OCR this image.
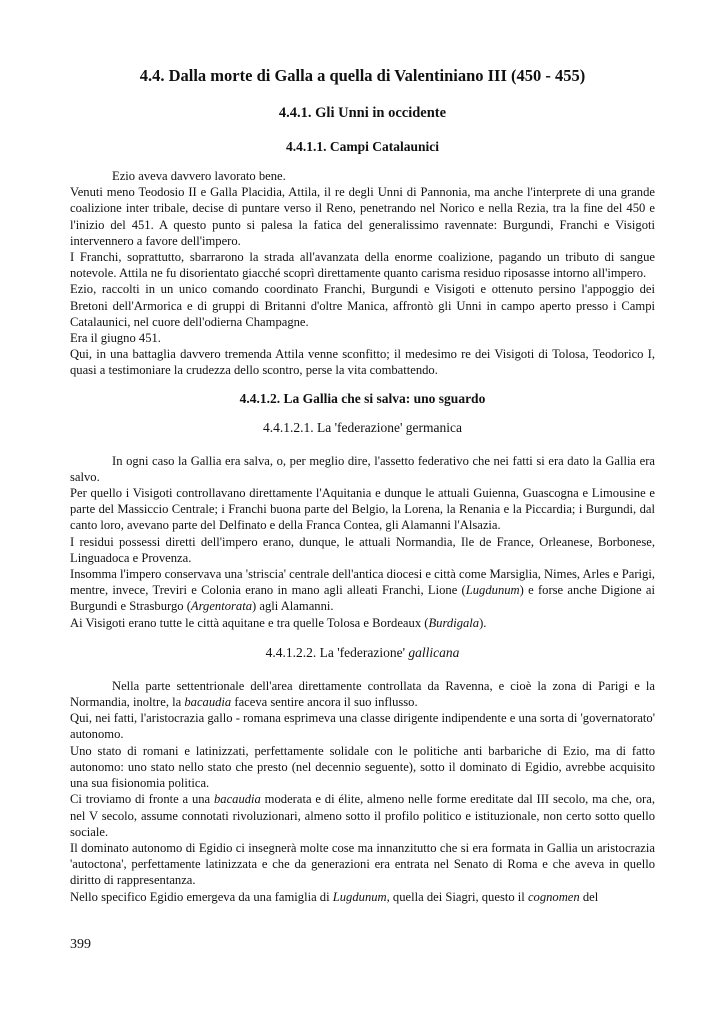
4.4. Dalla morte di Galla a quella di Valentiniano III (450 - 455)
4.4.1. Gli Unni in occidente
4.4.1.1. Campi Catalaunici

Ezio aveva davvero lavorato bene.

Venuti meno Teodosio II e Galla Placidia, Attila, il re degli Unni di Pannonia, ma anche l'interprete di una grande coalizione inter tribale, decise di puntare verso il Reno, penetrando nel Norico e nella Rezia, tra la fine del 450 e l'inizio del 451. A questo punto si palesa la fatica del generalissimo ravennate: Burgundi, Franchi e Visigoti intervennero a favore dell'impero.

I Franchi, soprattutto, sbarrarono la strada all'avanzata della enorme coalizione, pagando un tributo di sangue notevole. Attila ne fu disorientato giacché scoprì direttamente quanto carisma residuo riposasse intorno all'impero.

Ezio, raccolti in un unico comando coordinato Franchi, Burgundi e Visigoti e ottenuto persino l'appoggio dei Bretoni dell'Armorica e di gruppi di Britanni d'oltre Manica, affrontò gli Unni in campo aperto presso i Campi Catalaunici, nel cuore dell'odierna Champagne.

Era il giugno 451.

Qui, in una battaglia davvero tremenda Attila venne sconfitto; il medesimo re dei Visigoti di Tolosa, Teodorico I, quasi a testimoniare la crudezza dello scontro, perse la vita combattendo.

4.4.1.2. La Gallia che si salva: uno sguardo
4.4.1.2.1. La 'federazione' germanica

In ogni caso la Gallia era salva, o, per meglio dire, l'assetto federativo che nei fatti si era dato la Gallia era salvo.

Per quello i Visigoti controllavano direttamente l'Aquitania e dunque le attuali Guienna, Guascogna e Limousine e parte del Massiccio Centrale; i Franchi buona parte del Belgio, la Lorena, la Renania e la Piccardia; i Burgundi, dal canto loro, avevano parte del Delfinato e della Franca Contea, gli Alamanni l'Alsazia.

I residui possessi diretti dell'impero erano, dunque, le attuali Normandia, Ile de France, Orleanese, Borbonese, Linguadoca e Provenza.

Insomma l'impero conservava una 'striscia' centrale dell'antica diocesi e città come Marsiglia, Nimes, Arles e Parigi, mentre, invece, Treviri e Colonia erano in mano agli alleati Franchi, Lione (Lugdunum) e forse anche Digione ai Burgundi e Strasburgo (Argentorata) agli Alamanni.

Ai Visigoti erano tutte le città aquitane e tra quelle Tolosa e Bordeaux (Burdigala).

4.4.1.2.2. La 'federazione' gallicana

Nella parte settentrionale dell'area direttamente controllata da Ravenna, e cioè la zona di Parigi e la Normandia, inoltre, la bacaudia faceva sentire ancora il suo influsso.

Qui, nei fatti, l'aristocrazia gallo - romana esprimeva una classe dirigente indipendente e una sorta di 'governatorato' autonomo.

Uno stato di romani e latinizzati, perfettamente solidale con le politiche anti barbariche di Ezio, ma di fatto autonomo: uno stato nello stato che presto (nel decennio seguente), sotto il dominato di Egidio, avrebbe acquisito una sua fisionomia politica.

Ci troviamo di fronte a una bacaudia moderata e di élite, almeno nelle forme ereditate dal III secolo, ma che, ora, nel V secolo, assume connotati rivoluzionari, almeno sotto il profilo politico e istituzionale, non certo sotto quello sociale.

Il dominato autonomo di Egidio ci insegnerà molte cose ma innanzitutto che si era formata in Gallia un aristocrazia 'autoctona', perfettamente latinizzata e che da generazioni era entrata nel Senato di Roma e che aveva in quello diritto di rappresentanza.

Nello specifico Egidio emergeva da una famiglia di Lugdunum, quella dei Siagri, questo il cognomen del

399
